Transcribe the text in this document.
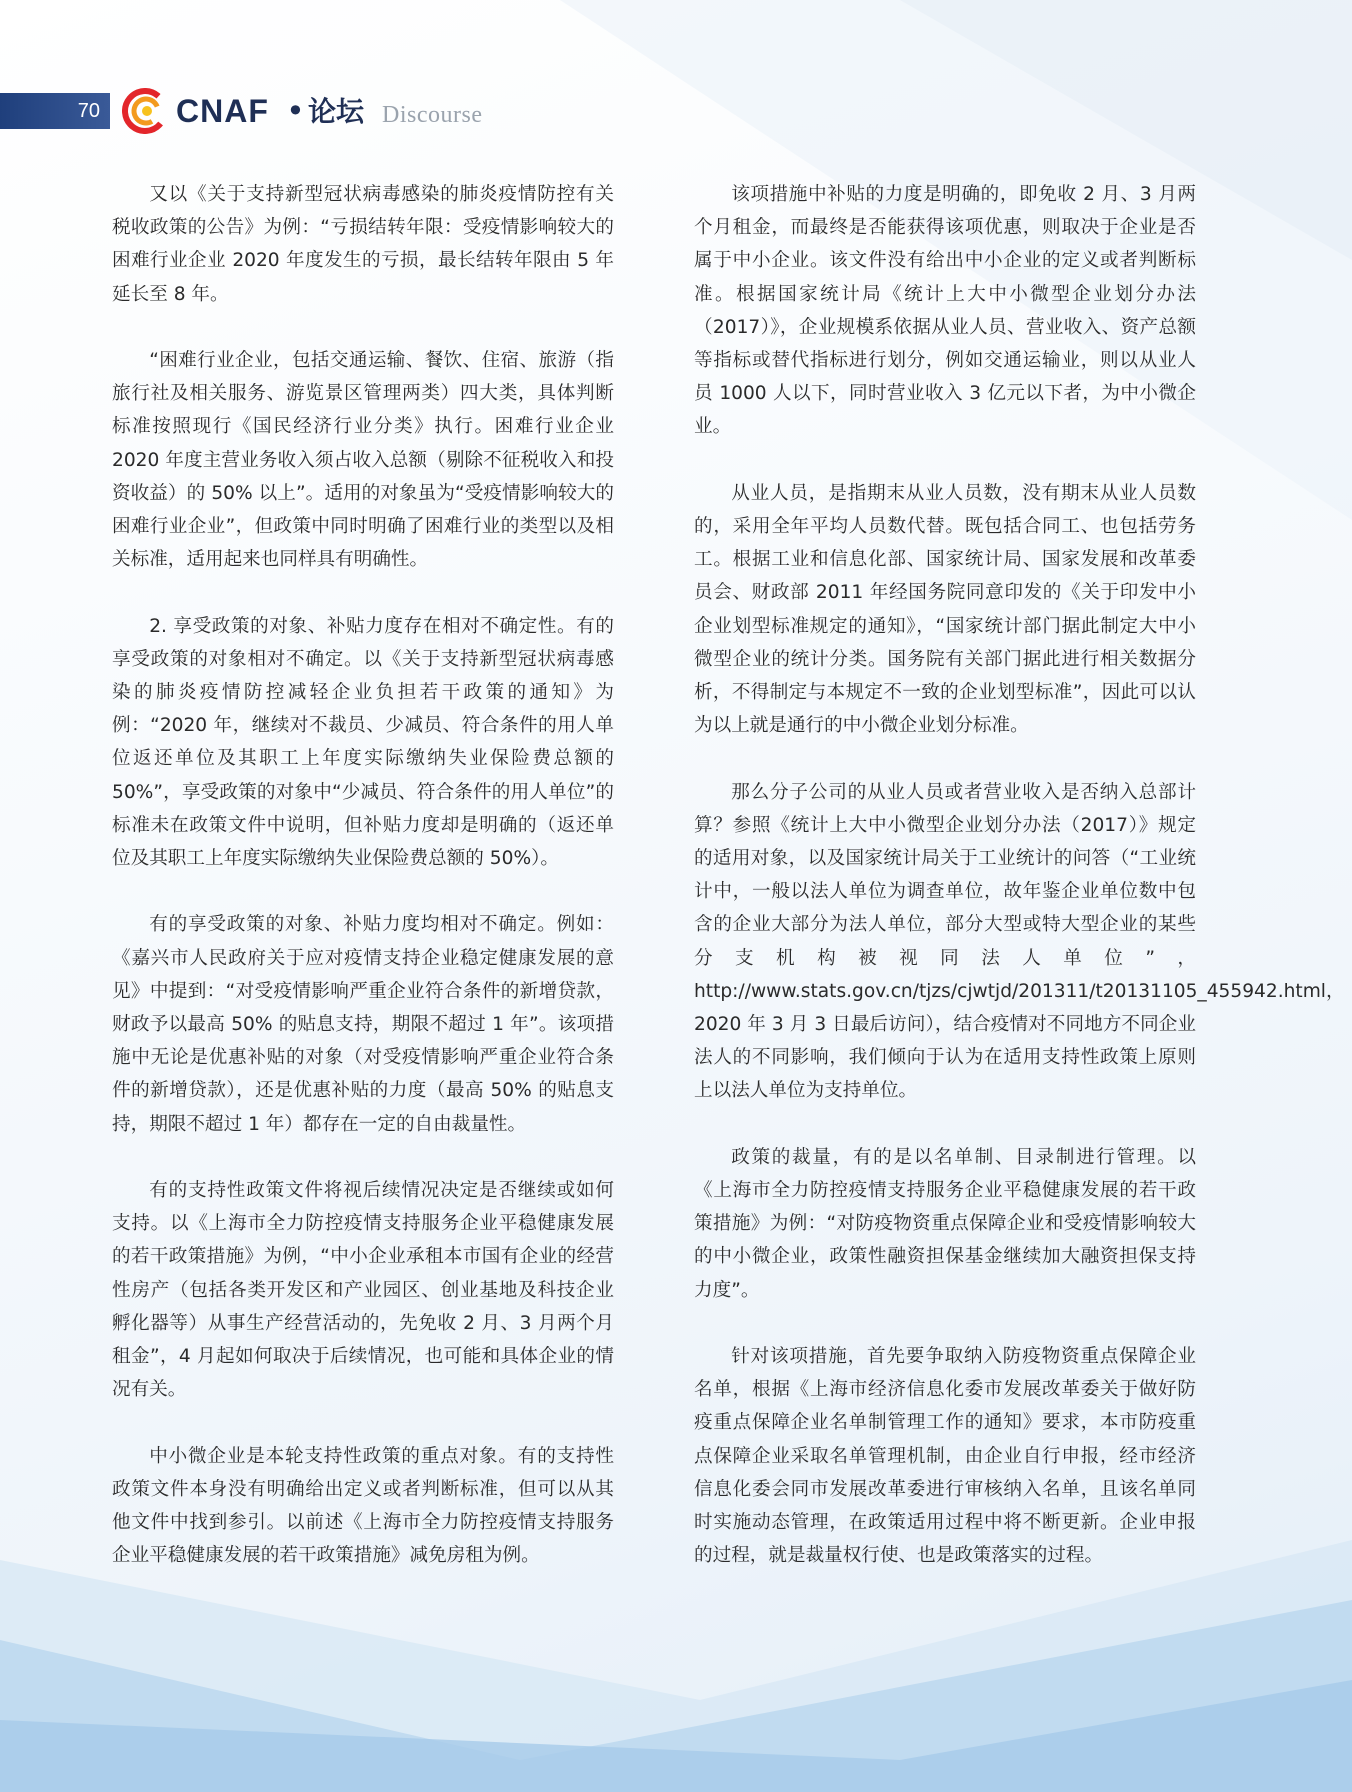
70	CNAF • 论坛 Discourse

又以《关于支持新型冠状病毒感染的肺炎疫情防控有关税收政策的公告》为例：“亏损结转年限：受疫情影响较大的困难行业企业 2020 年度发生的亏损，最长结转年限由 5 年延长至 8 年。

“困难行业企业，包括交通运输、餐饮、住宿、旅游（指旅行社及相关服务、游览景区管理两类）四大类，具体判断标准按照现行《国民经济行业分类》执行。困难行业企业 2020 年度主营业务收入须占收入总额（剔除不征税收入和投资收益）的 50% 以上”。适用的对象虽为“受疫情影响较大的困难行业企业”，但政策中同时明确了困难行业的类型以及相关标准，适用起来也同样具有明确性。

2. 享受政策的对象、补贴力度存在相对不确定性。有的享受政策的对象相对不确定。以《关于支持新型冠状病毒感染的肺炎疫情防控减轻企业负担若干政策的通知》为例：“2020 年，继续对不裁员、少减员、符合条件的用人单位返还单位及其职工上年度实际缴纳失业保险费总额的 50%”，享受政策的对象中“少减员、符合条件的用人单位”的标准未在政策文件中说明，但补贴力度却是明确的（返还单位及其职工上年度实际缴纳失业保险费总额的 50%）。

有的享受政策的对象、补贴力度均相对不确定。例如：《嘉兴市人民政府关于应对疫情支持企业稳定健康发展的意见》中提到：“对受疫情影响严重企业符合条件的新增贷款，财政予以最高 50% 的贴息支持，期限不超过 1 年”。该项措施中无论是优惠补贴的对象（对受疫情影响严重企业符合条件的新增贷款），还是优惠补贴的力度（最高 50% 的贴息支持，期限不超过 1 年）都存在一定的自由裁量性。

有的支持性政策文件将视后续情况决定是否继续或如何支持。以《上海市全力防控疫情支持服务企业平稳健康发展的若干政策措施》为例，“中小企业承租本市国有企业的经营性房产（包括各类开发区和产业园区、创业基地及科技企业孵化器等）从事生产经营活动的，先免收 2 月、3 月两个月租金”，4 月起如何取决于后续情况，也可能和具体企业的情况有关。

中小微企业是本轮支持性政策的重点对象。有的支持性政策文件本身没有明确给出定义或者判断标准，但可以从其他文件中找到参引。以前述《上海市全力防控疫情支持服务企业平稳健康发展的若干政策措施》减免房租为例。

该项措施中补贴的力度是明确的，即免收 2 月、3 月两个月租金，而最终是否能获得该项优惠，则取决于企业是否属于中小企业。该文件没有给出中小企业的定义或者判断标准。根据国家统计局《统计上大中小微型企业划分办法（2017）》，企业规模系依据从业人员、营业收入、资产总额等指标或替代指标进行划分，例如交通运输业，则以从业人员 1000 人以下，同时营业收入 3 亿元以下者，为中小微企业。

从业人员，是指期末从业人员数，没有期末从业人员数的，采用全年平均人员数代替。既包括合同工、也包括劳务工。根据工业和信息化部、国家统计局、国家发展和改革委员会、财政部 2011 年经国务院同意印发的《关于印发中小企业划型标准规定的通知》，“国家统计部门据此制定大中小微型企业的统计分类。国务院有关部门据此进行相关数据分析，不得制定与本规定不一致的企业划型标准”，因此可以认为以上就是通行的中小微企业划分标准。

那么分子公司的从业人员或者营业收入是否纳入总部计算？参照《统计上大中小微型企业划分办法（2017）》规定的适用对象，以及国家统计局关于工业统计的问答（“工业统计中，一般以法人单位为调查单位，故年鉴企业单位数中包含的企业大部分为法人单位，部分大型或特大型企业的某些分支机构被视同法人单位”，http://www.stats.gov.cn/tjzs/cjwtjd/201311/t20131105_455942.html，2020 年 3 月 3 日最后访问），结合疫情对不同地方不同企业法人的不同影响，我们倾向于认为在适用支持性政策上原则上以法人单位为支持单位。

政策的裁量，有的是以名单制、目录制进行管理。以《上海市全力防控疫情支持服务企业平稳健康发展的若干政策措施》为例：“对防疫物资重点保障企业和受疫情影响较大的中小微企业，政策性融资担保基金继续加大融资担保支持力度”。

针对该项措施，首先要争取纳入防疫物资重点保障企业名单，根据《上海市经济信息化委市发展改革委关于做好防疫重点保障企业名单制管理工作的通知》要求，本市防疫重点保障企业采取名单管理机制，由企业自行申报，经市经济信息化委会同市发展改革委进行审核纳入名单，且该名单同时实施动态管理，在政策适用过程中将不断更新。企业申报的过程，就是裁量权行使、也是政策落实的过程。
